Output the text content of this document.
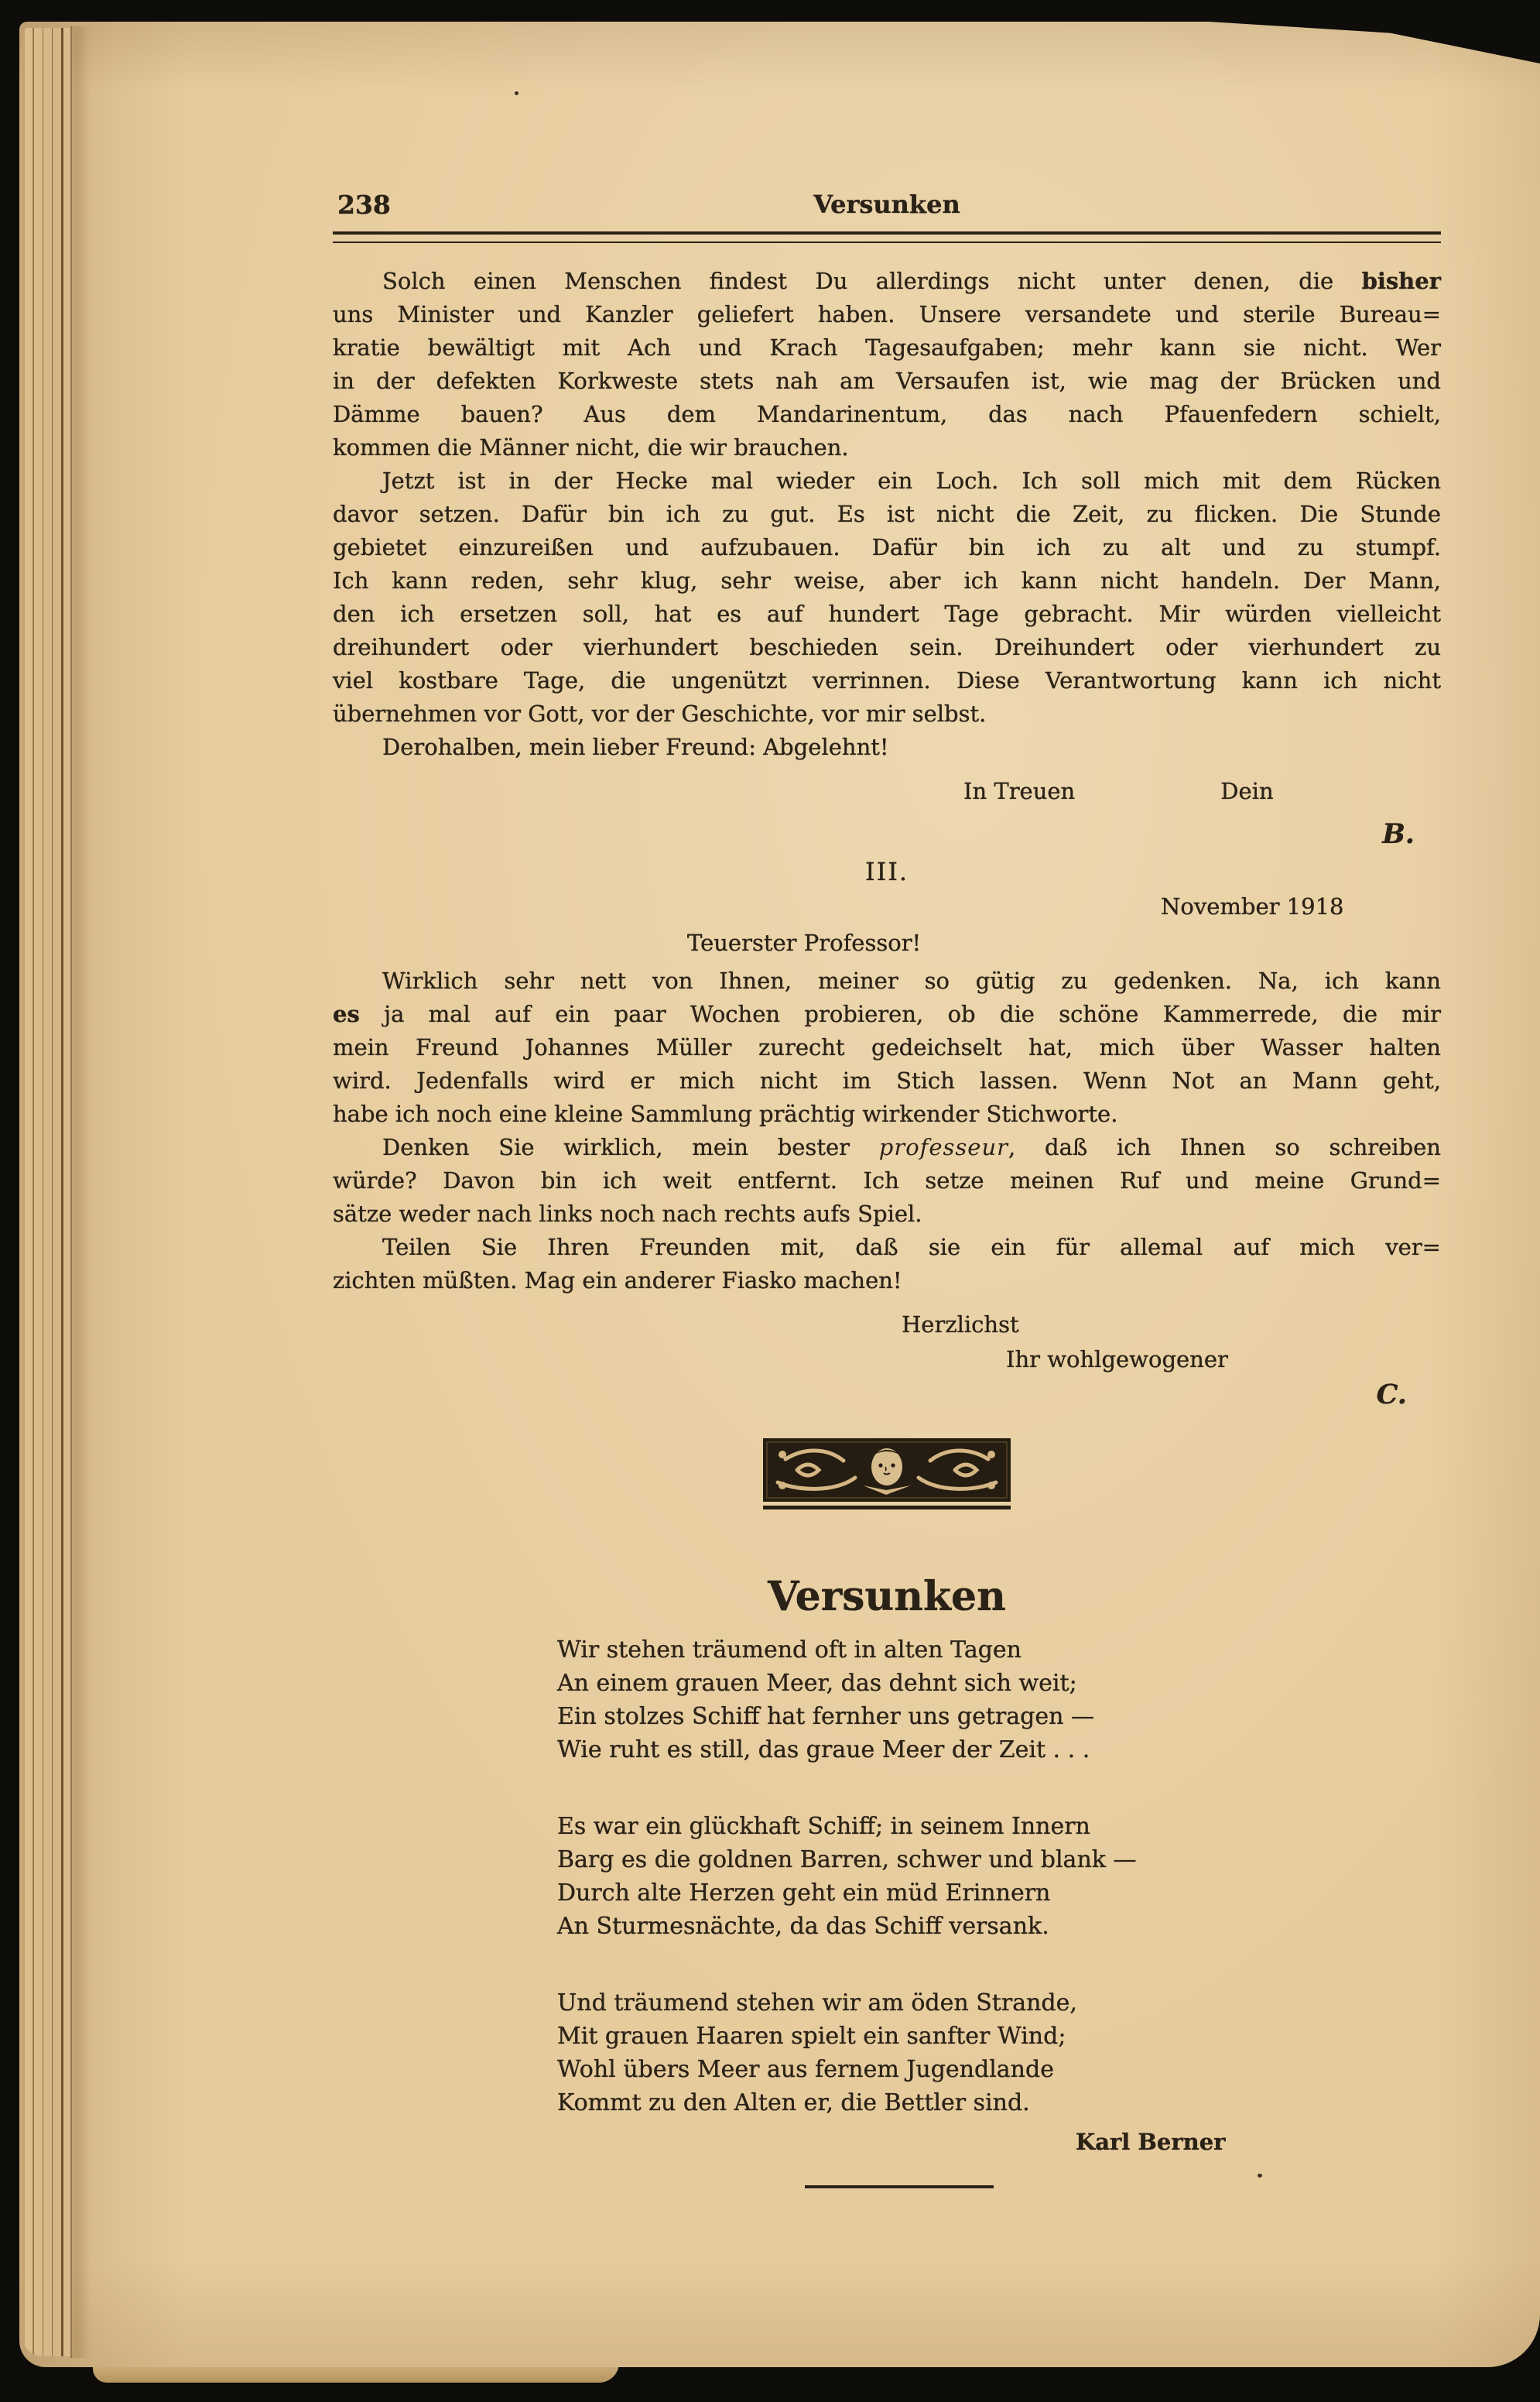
238	Versunken
Solch einen Menschen findest Du allerdings nicht unter denen, die bisher
uns Minister und Kanzler geliefert haben. Unsere versandete und sterile Bureau=
kratie bewältigt mit Ach und Krach Tagesaufgaben; mehr kann sie nicht. Wer
in der defekten Korkweste stets nah am Versaufen ist, wie mag der Brücken und
Dämme bauen? Aus dem Mandarinentum, das nach Pfauenfedern schielt,
kommen die Männer nicht, die wir brauchen.
Jetzt ist in der Hecke mal wieder ein Loch. Ich soll mich mit dem Rücken
davor setzen. Dafür bin ich zu gut. Es ist nicht die Zeit, zu flicken. Die Stunde
gebietet einzureißen und aufzubauen. Dafür bin ich zu alt und zu stumpf.
Ich kann reden, sehr klug, sehr weise, aber ich kann nicht handeln. Der Mann,
den ich ersetzen soll, hat es auf hundert Tage gebracht. Mir würden vielleicht
dreihundert oder vierhundert beschieden sein. Dreihundert oder vierhundert zu
viel kostbare Tage, die ungenützt verrinnen. Diese Verantwortung kann ich nicht
übernehmen vor Gott, vor der Geschichte, vor mir selbst.
Derohalben, mein lieber Freund: Abgelehnt!
In Treuen	Dein
B.
III.
November 1918
Teuerster Professor!
Wirklich sehr nett von Ihnen, meiner so gütig zu gedenken. Na, ich kann
es ja mal auf ein paar Wochen probieren, ob die schöne Kammerrede, die mir
mein Freund Johannes Müller zurecht gedeichselt hat, mich über Wasser halten
wird. Jedenfalls wird er mich nicht im Stich lassen. Wenn Not an Mann geht,
habe ich noch eine kleine Sammlung prächtig wirkender Stichworte.
Denken Sie wirklich, mein bester professeur, daß ich Ihnen so schreiben
würde? Davon bin ich weit entfernt. Ich setze meinen Ruf und meine Grund=
sätze weder nach links noch nach rechts aufs Spiel.
Teilen Sie Ihren Freunden mit, daß sie ein für allemal auf mich ver=
zichten müßten. Mag ein anderer Fiasko machen!
Herzlichst
Ihr wohlgewogener
C.
Versunken
Wir stehen träumend oft in alten Tagen
An einem grauen Meer, das dehnt sich weit;
Ein stolzes Schiff hat fernher uns getragen —
Wie ruht es still, das graue Meer der Zeit . . .
Es war ein glückhaft Schiff; in seinem Innern
Barg es die goldnen Barren, schwer und blank —
Durch alte Herzen geht ein müd Erinnern
An Sturmesnächte, da das Schiff versank.
Und träumend stehen wir am öden Strande,
Mit grauen Haaren spielt ein sanfter Wind;
Wohl übers Meer aus fernem Jugendlande
Kommt zu den Alten er, die Bettler sind.
Karl Berner
